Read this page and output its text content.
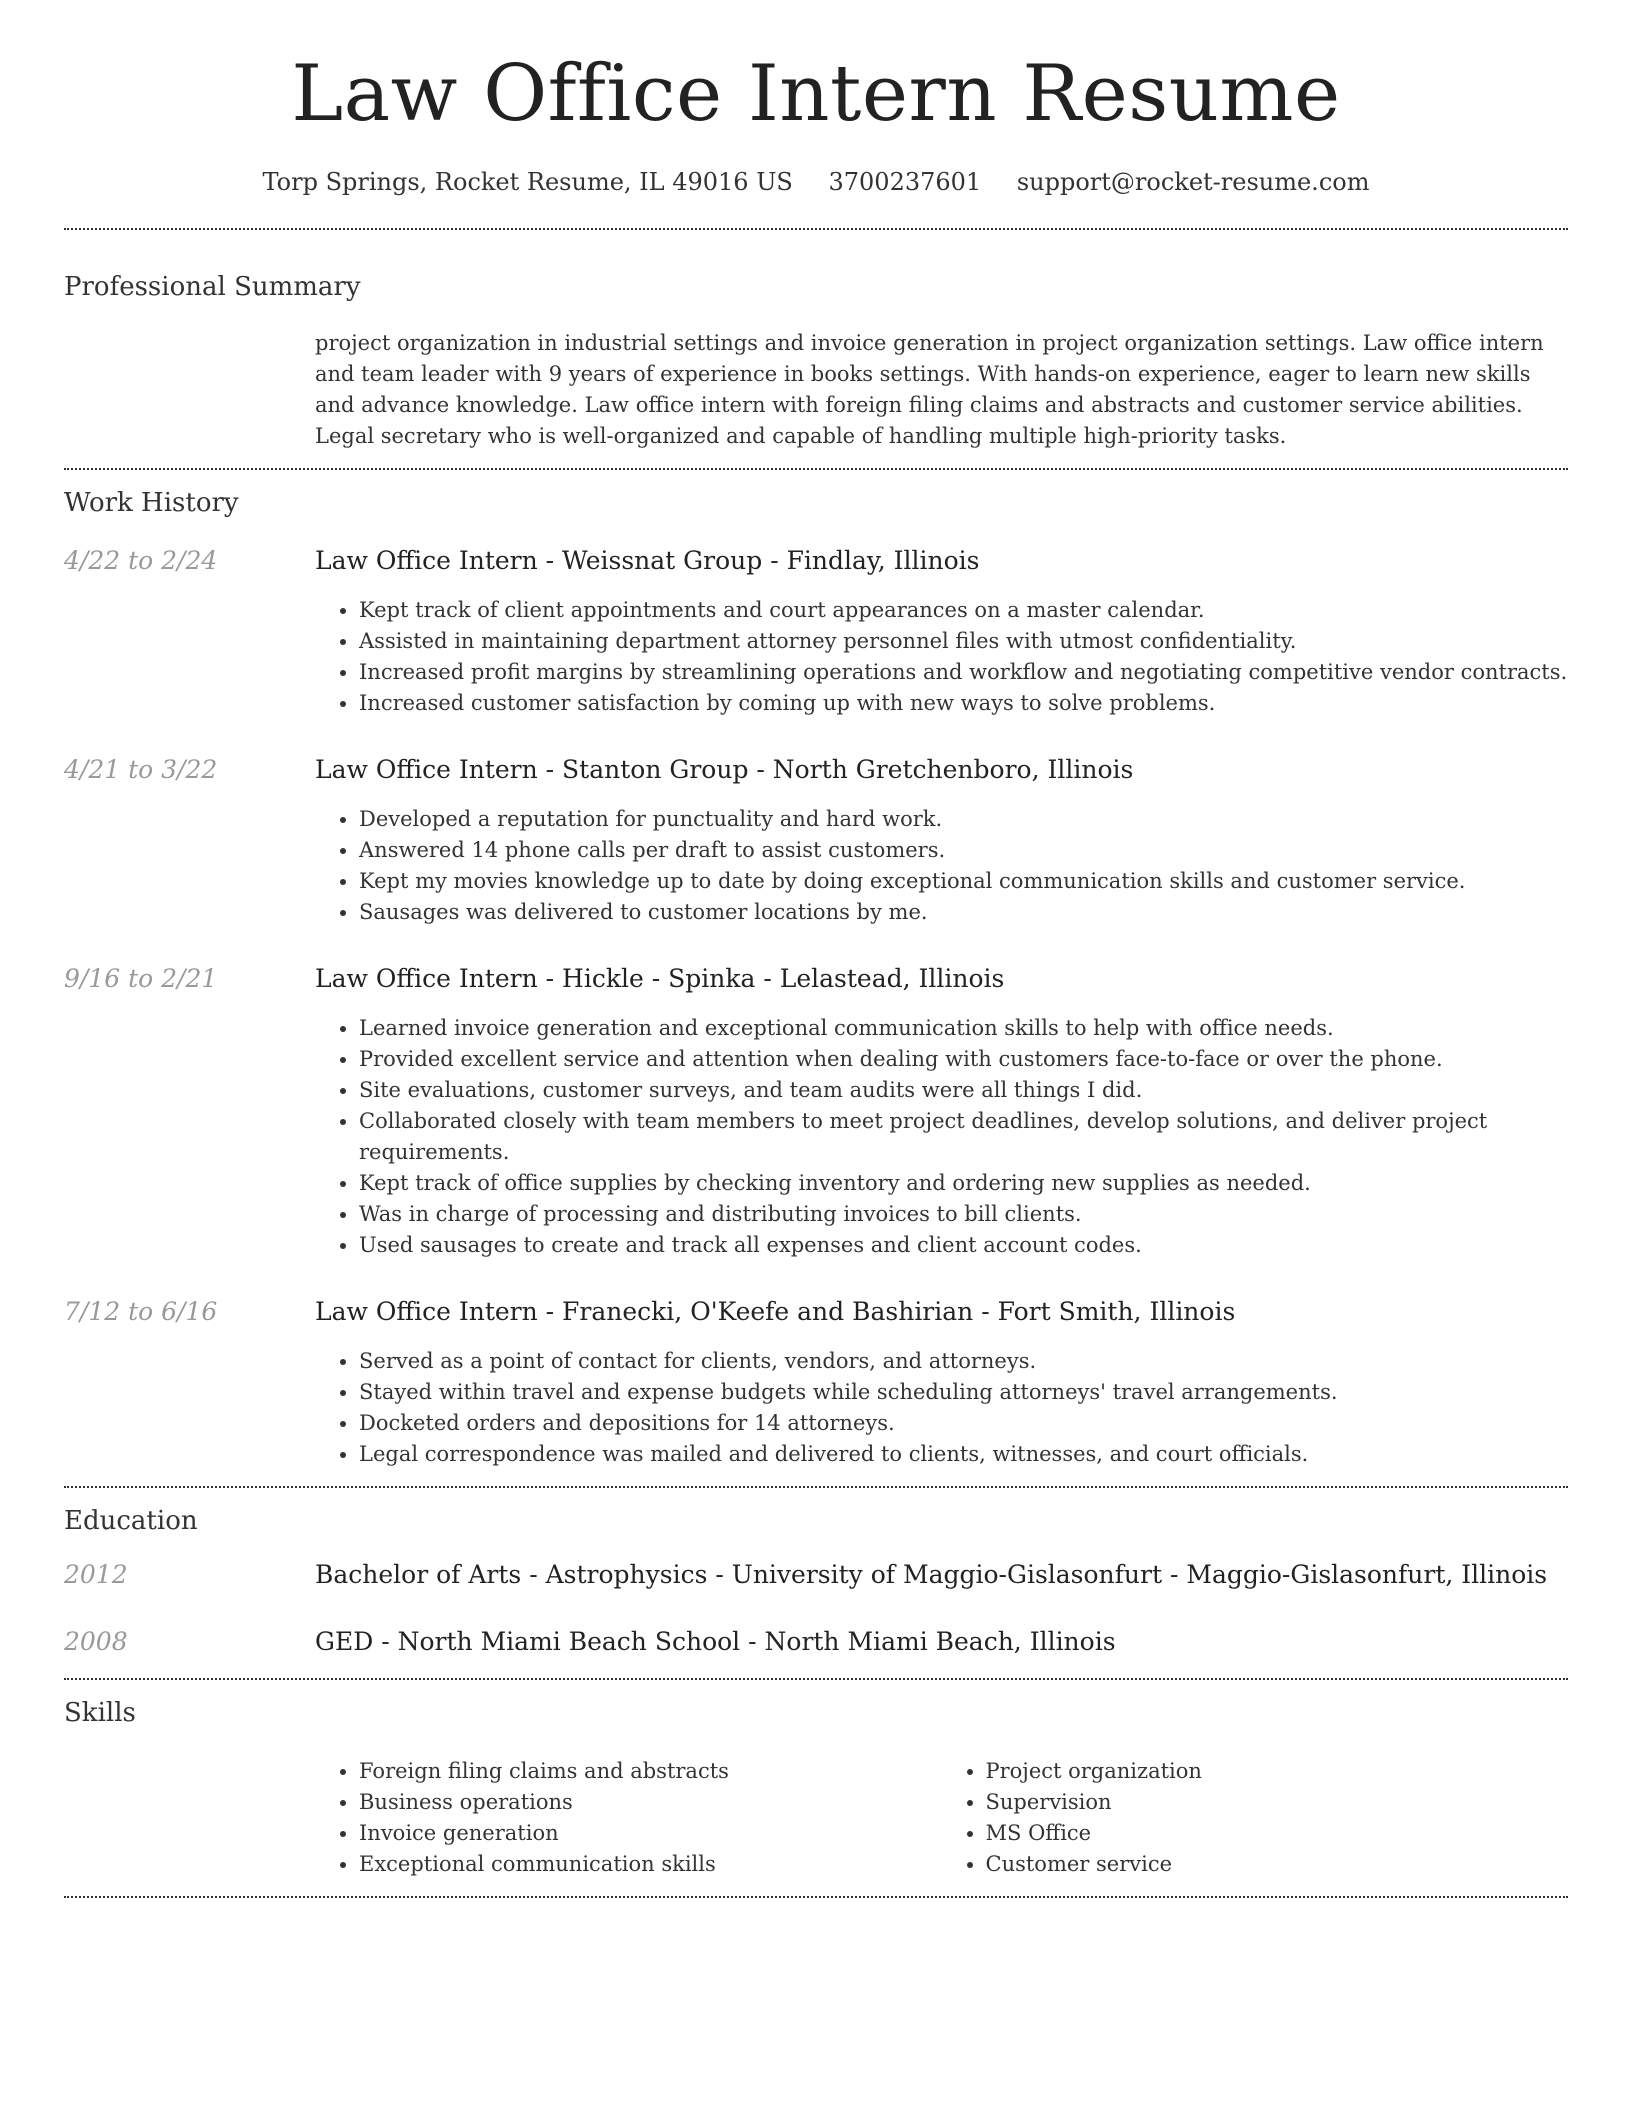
Law Office Intern Resume
Torp Springs, Rocket Resume, IL 49016 US 3700237601 support@rocket-resume.com
Professional Summary

project organization in industrial settings and invoice generation in project organization settings. Law office intern and team leader with 9 years of experience in books settings. With hands-on experience, eager to learn new skills and advance knowledge. Law office intern with foreign filing claims and abstracts and customer service abilities. Legal secretary who is well-organized and capable of handling multiple high-priority tasks.

Work History
4/22 to 2/24	Law Office Intern - Weissnat Group - Findlay, Illinois
• Kept track of client appointments and court appearances on a master calendar.
• Assisted in maintaining department attorney personnel files with utmost confidentiality.
• Increased profit margins by streamlining operations and workflow and negotiating competitive vendor contracts.
• Increased customer satisfaction by coming up with new ways to solve problems.
4/21 to 3/22	Law Office Intern - Stanton Group - North Gretchenboro, Illinois
• Developed a reputation for punctuality and hard work.
• Answered 14 phone calls per draft to assist customers.
• Kept my movies knowledge up to date by doing exceptional communication skills and customer service.
• Sausages was delivered to customer locations by me.
9/16 to 2/21	Law Office Intern - Hickle - Spinka - Lelastead, Illinois
• Learned invoice generation and exceptional communication skills to help with office needs.
• Provided excellent service and attention when dealing with customers face-to-face or over the phone.
• Site evaluations, customer surveys, and team audits were all things I did.
• Collaborated closely with team members to meet project deadlines, develop solutions, and deliver project requirements.
• Kept track of office supplies by checking inventory and ordering new supplies as needed.
• Was in charge of processing and distributing invoices to bill clients.
• Used sausages to create and track all expenses and client account codes.
7/12 to 6/16	Law Office Intern - Franecki, O'Keefe and Bashirian - Fort Smith, Illinois
• Served as a point of contact for clients, vendors, and attorneys.
• Stayed within travel and expense budgets while scheduling attorneys' travel arrangements.
• Docketed orders and depositions for 14 attorneys.
• Legal correspondence was mailed and delivered to clients, witnesses, and court officials.
Education
2012	Bachelor of Arts - Astrophysics - University of Maggio-Gislasonfurt - Maggio-Gislasonfurt, Illinois
2008	GED - North Miami Beach School - North Miami Beach, Illinois
Skills
• Foreign filing claims and abstracts
• Business operations
• Invoice generation
• Exceptional communication skills
• Project organization
• Supervision
• MS Office
• Customer service
